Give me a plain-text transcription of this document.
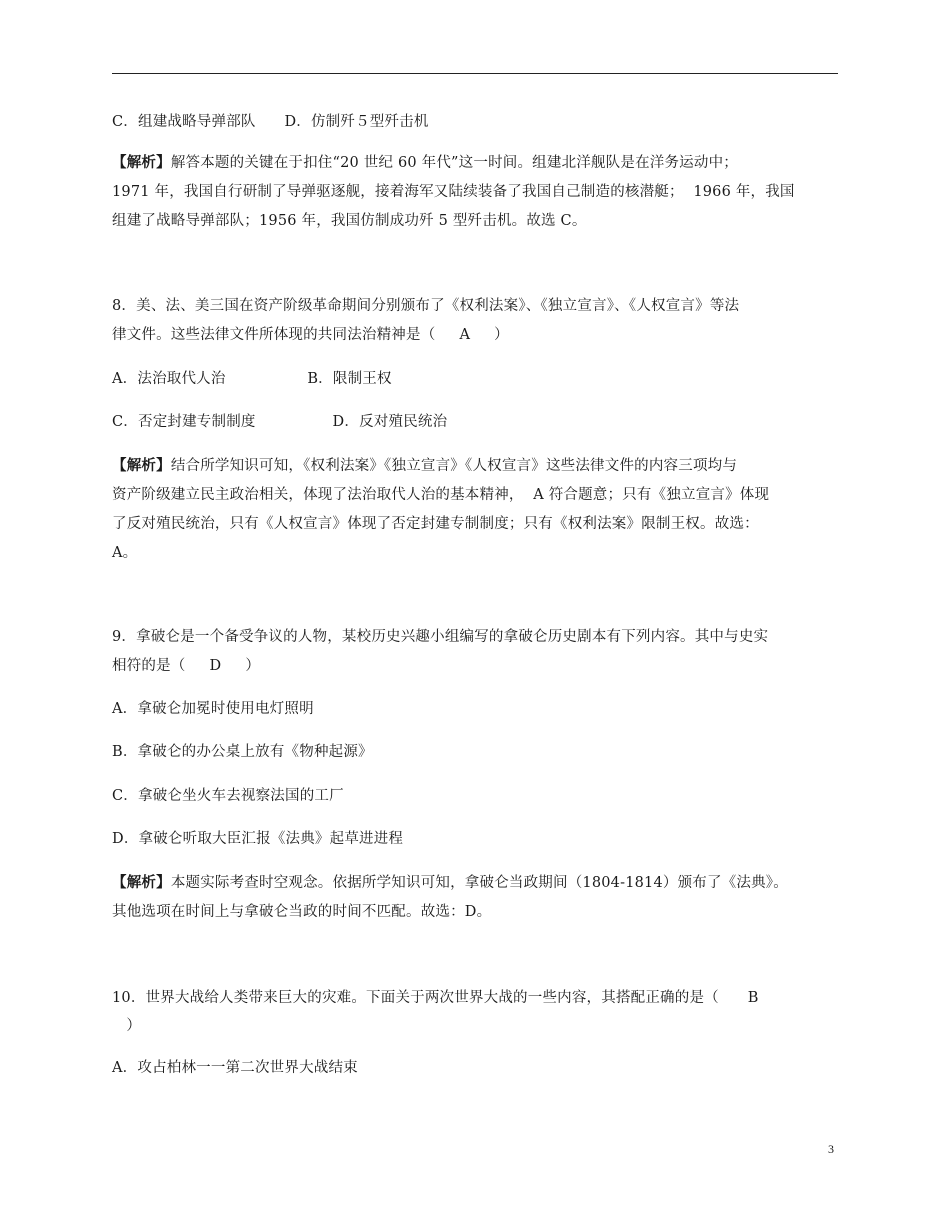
C．组建战略导弹部队      D．仿制歼５型歼击机
【解析】解答本题的关键在于扣住“20 世纪 60 年代”这一时间。组建北洋舰队是在洋务运动中；
1971 年，我国自行研制了导弹驱逐舰，接着海军又陆续装备了我国自己制造的核潜艇；  1966 年，我国
组建了战略导弹部队；1956 年，我国仿制成功歼 5 型歼击机。故选 C。
8．美、法、美三国在资产阶级革命期间分别颁布了《权利法案》、《独立宣言》、《人权宣言》等法
律文件。这些法律文件所体现的共同法治精神是（     A     ）
A．法治取代人治                 B．限制王权
C．否定封建专制制度                D．反对殖民统治
【解析】结合所学知识可知，《权利法案》《独立宣言》《人权宣言》这些法律文件的内容三项均与
资产阶级建立民主政治相关，体现了法治取代人治的基本精神，  A 符合题意；只有《独立宣言》体现
了反对殖民统治，只有《人权宣言》体现了否定封建专制制度；只有《权利法案》限制王权。故选：
A。
9．拿破仑是一个备受争议的人物，某校历史兴趣小组编写的拿破仑历史剧本有下列内容。其中与史实
相符的是（     D     ）
A．拿破仑加冕时使用电灯照明
B．拿破仑的办公桌上放有《物种起源》
C．拿破仑坐火车去视察法国的工厂
D．拿破仑听取大臣汇报《法典》起草进进程
【解析】本题实际考查时空观念。依据所学知识可知，拿破仑当政期间（1804-1814）颁布了《法典》。
其他选项在时间上与拿破仑当政的时间不匹配。故选：D。
10．世界大战给人类带来巨大的灾难。下面关于两次世界大战的一些内容，其搭配正确的是（      B
）
A．攻占柏林一一第二次世界大战结束
3
